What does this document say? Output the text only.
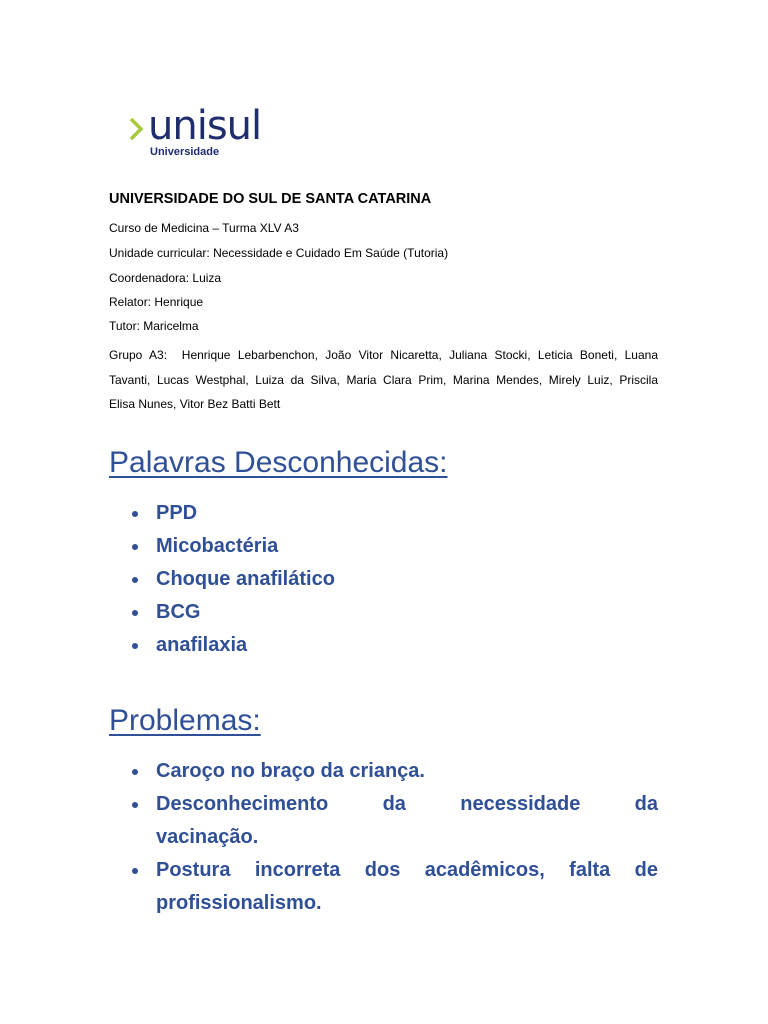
unisul
Universidade
UNIVERSIDADE DO SUL DE SANTA CATARINA
Curso de Medicina – Turma XLV A3
Unidade curricular: Necessidade e Cuidado Em Saúde (Tutoria)
Coordenadora: Luiza
Relator: Henrique
Tutor: Maricelma
Grupo A3: Henrique Lebarbenchon, João Vitor Nicaretta, Juliana Stocki, Leticia Boneti, Luana
Tavanti, Lucas Westphal, Luiza da Silva, Maria Clara Prim, Marina Mendes, Mirely Luiz, Priscila
Elisa Nunes, Vitor Bez Batti Bett
Palavras Desconhecidas:
PPD
Micobactéria
Choque anafilático
BCG
anafilaxia
Problemas:
Caroço no braço da criança.
Desconhecimento da necessidade da
vacinação.
Postura incorreta dos acadêmicos, falta de
profissionalismo.
